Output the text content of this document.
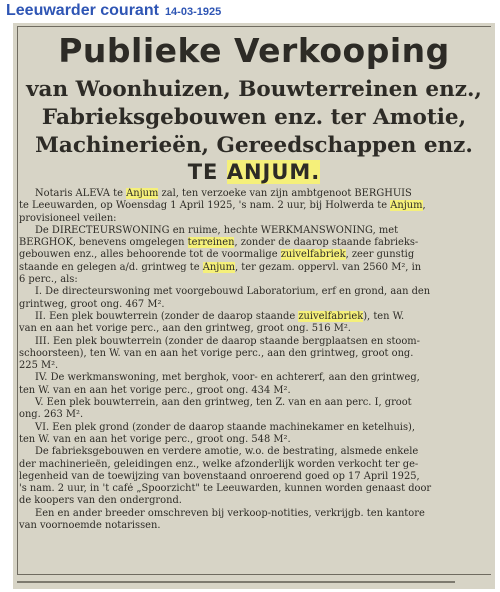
Leeuwarder courant 14-03-1925
Publieke Verkooping
van Woonhuizen, Bouwterreinen enz.,
Fabrieksgebouwen enz. ter Amotie,
Machinerieën, Gereedschappen enz.
TE ANJUM.
Notaris ALEVA te Anjum zal, ten verzoeke van zijn ambtgenoot BERGHUIS
te Leeuwarden, op Woensdag 1 April 1925, 's nam. 2 uur, bij Holwerda te Anjum,
provisioneel veilen:
De DIRECTEURSWONING en ruime, hechte WERKMANSWONING, met
BERGHOK, benevens omgelegen terreinen, zonder de daarop staande fabrieks-
gebouwen enz., alles behoorende tot de voormalige zuivelfabriek, zeer gunstig
staande en gelegen a/d. grintweg te Anjum, ter gezam. oppervl. van 2560 M², in
6 perc., als:
I. De directeurswoning met voorgebouwd Laboratorium, erf en grond, aan den
grintweg, groot ong. 467 M².
II. Een plek bouwterrein (zonder de daarop staande zuivelfabriek), ten W.
van en aan het vorige perc., aan den grintweg, groot ong. 516 M².
III. Een plek bouwterrein (zonder de daarop staande bergplaatsen en stoom-
schoorsteen), ten W. van en aan het vorige perc., aan den grintweg, groot ong.
225 M².
IV. De werkmanswoning, met berghok, voor- en achtererf, aan den grintweg,
ten W. van en aan het vorige perc., groot ong. 434 M².
V. Een plek bouwterrein, aan den grintweg, ten Z. van en aan perc. I, groot
ong. 263 M².
VI. Een plek grond (zonder de daarop staande machinekamer en ketelhuis),
ten W. van en aan het vorige perc., groot ong. 548 M².
De fabrieksgebouwen en verdere amotie, w.o. de bestrating, alsmede enkele
der machinerieën, geleidingen enz., welke afzonderlijk worden verkocht ter ge-
legenheid van de toewijzing van bovenstaand onroerend goed op 17 April 1925,
's nam. 2 uur, in 't café „Spoorzicht" te Leeuwarden, kunnen worden genaast door
de koopers van den ondergrond.
Een en ander breeder omschreven bij verkoop-notities, verkrijgb. ten kantore
van voornoemde notarissen.
